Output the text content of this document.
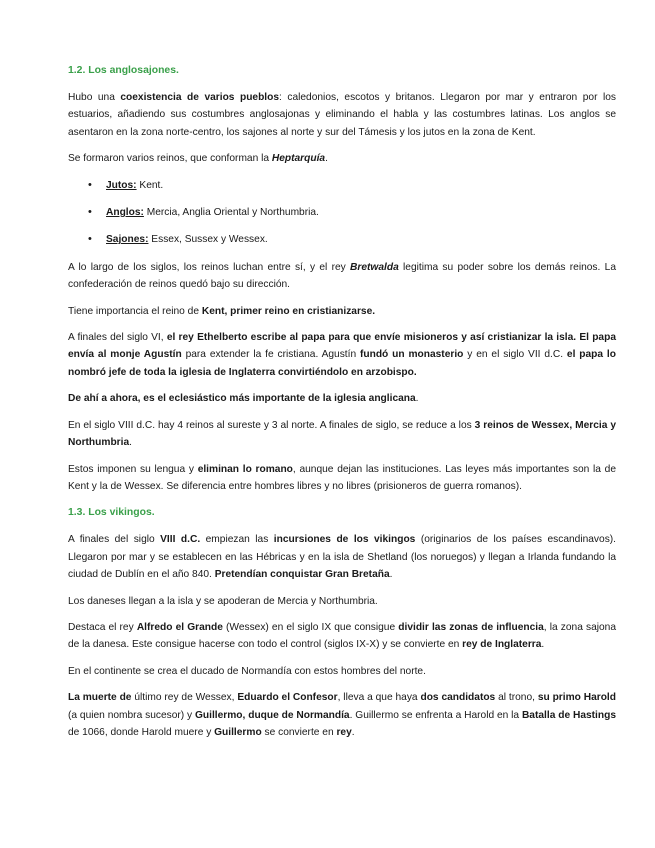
1.2. Los anglosajones.

Hubo una coexistencia de varios pueblos: caledonios, escotos y britanos. Llegaron por mar y entraron por los estuarios, añadiendo sus costumbres anglosajonas y eliminando el habla y las costumbres latinas. Los anglos se asentaron en la zona norte-centro, los sajones al norte y sur del Támesis y los jutos en la zona de Kent.

Se formaron varios reinos, que conforman la Heptarquía.

• Jutos: Kent.
• Anglos: Mercia, Anglia Oriental y Northumbria.
• Sajones: Essex, Sussex y Wessex.

A lo largo de los siglos, los reinos luchan entre sí, y el rey Bretwalda legitima su poder sobre los demás reinos. La confederación de reinos quedó bajo su dirección.

Tiene importancia el reino de Kent, primer reino en cristianizarse.

A finales del siglo VI, el rey Ethelberto escribe al papa para que envíe misioneros y así cristianizar la isla. El papa envía al monje Agustín para extender la fe cristiana. Agustín fundó un monasterio y en el siglo VII d.C. el papa lo nombró jefe de toda la iglesia de Inglaterra convirtiéndolo en arzobispo.

De ahí a ahora, es el eclesiástico más importante de la iglesia anglicana.

En el siglo VIII d.C. hay 4 reinos al sureste y 3 al norte. A finales de siglo, se reduce a los 3 reinos de Wessex, Mercia y Northumbria.

Estos imponen su lengua y eliminan lo romano, aunque dejan las instituciones. Las leyes más importantes son la de Kent y la de Wessex. Se diferencia entre hombres libres y no libres (prisioneros de guerra romanos).

1.3. Los vikingos.

A finales del siglo VIII d.C. empiezan las incursiones de los vikingos (originarios de los países escandinavos). Llegaron por mar y se establecen en las Hébricas y en la isla de Shetland (los noruegos) y llegan a Irlanda fundando la ciudad de Dublín en el año 840. Pretendían conquistar Gran Bretaña.

Los daneses llegan a la isla y se apoderan de Mercia y Northumbria.

Destaca el rey Alfredo el Grande (Wessex) en el siglo IX que consigue dividir las zonas de influencia, la zona sajona de la danesa. Este consigue hacerse con todo el control (siglos IX-X) y se convierte en rey de Inglaterra.

En el continente se crea el ducado de Normandía con estos hombres del norte.

La muerte de último rey de Wessex, Eduardo el Confesor, lleva a que haya dos candidatos al trono, su primo Harold (a quien nombra sucesor) y Guillermo, duque de Normandía. Guillermo se enfrenta a Harold en la Batalla de Hastings de 1066, donde Harold muere y Guillermo se convierte en rey.
